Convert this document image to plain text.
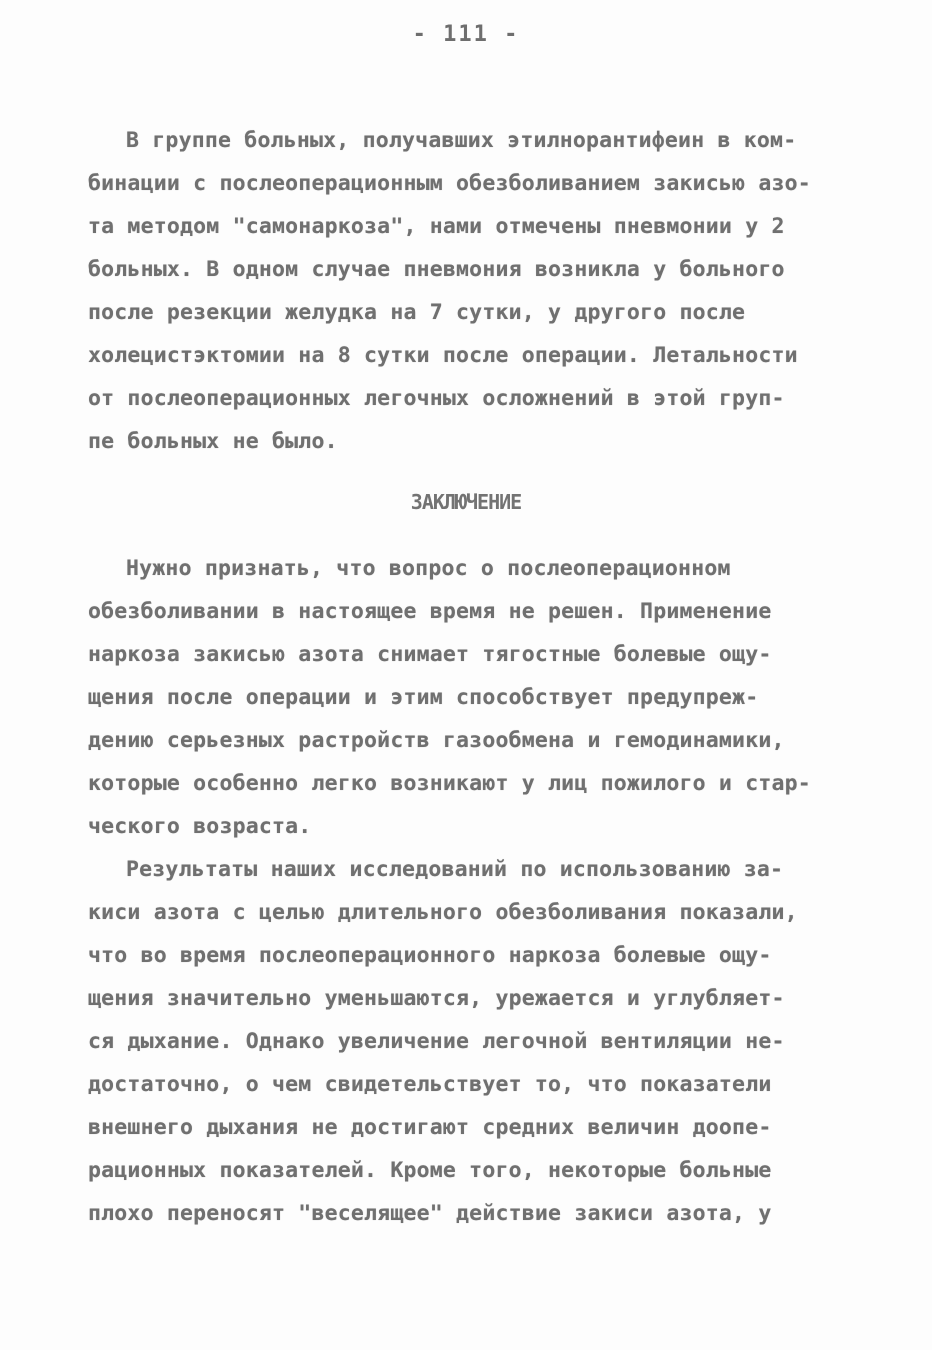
- 111 -
В группе больных, получавших этилнорантифеин в ком-
бинации с послеоперационным обезболиванием закисью азо-
та методом "самонаркоза", нами отмечены пневмонии у 2
больных. В одном случае пневмония возникла у больного
после резекции желудка на 7 сутки, у другого после
холецистэктомии на 8 сутки после операции. Летальности
от послеоперационных легочных осложнений в этой груп-
пе больных не было.
ЗАКЛЮЧЕНИЕ
Нужно признать, что вопрос о послеоперационном
обезболивании в настоящее время не решен. Применение
наркоза закисью азота снимает тягостные болевые ощу-
щения после операции и этим способствует предупреж-
дению серьезных растройств газообмена и гемодинамики,
которые особенно легко возникают у лиц пожилого и стар-
ческого возраста.
Результаты наших исследований по использованию за-
киси азота с целью длительного обезболивания показали,
что во время послеоперационного наркоза болевые ощу-
щения значительно уменьшаются, урежается и углубляет-
ся дыхание. Однако увеличение легочной вентиляции не-
достаточно, о чем свидетельствует то, что показатели
внешнего дыхания не достигают средних величин доопе-
рационных показателей. Кроме того, некоторые больные
плохо переносят "веселящее" действие закиси азота, у
